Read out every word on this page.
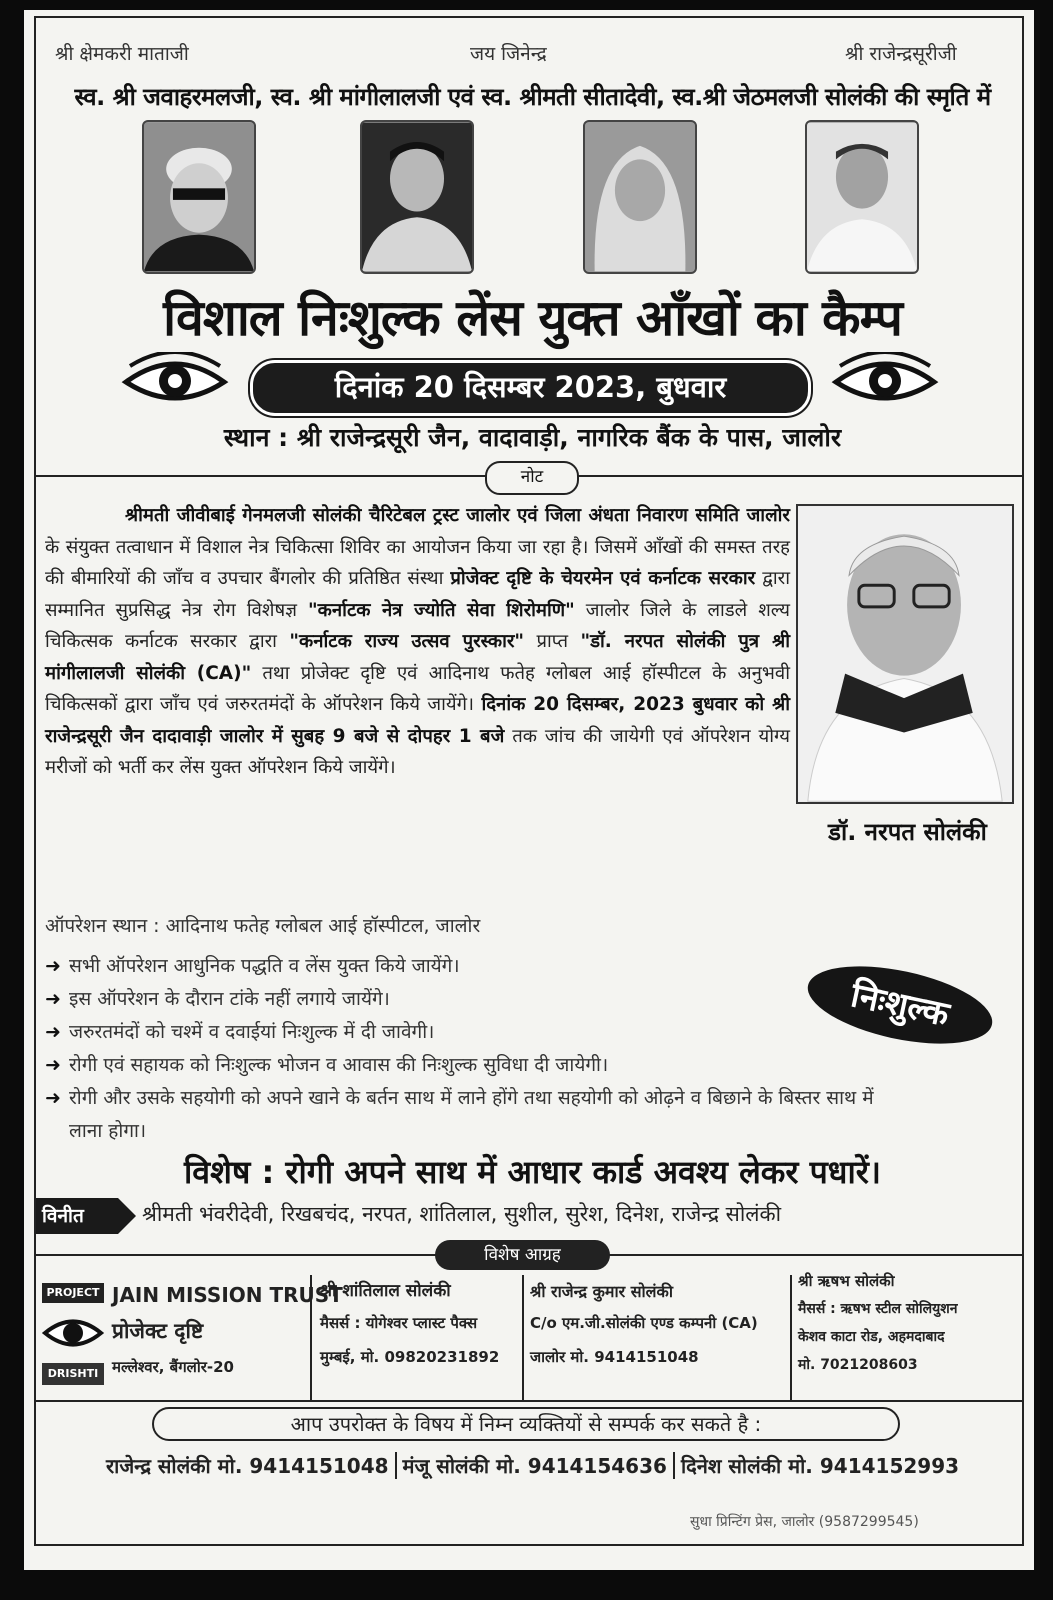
श्री क्षेमकरी माताजी	जय जिनेन्द्र	श्री राजेन्द्रसूरीजी
स्व. श्री जवाहरमलजी, स्व. श्री मांगीलालजी एवं स्व. श्रीमती सीतादेवी, स्व.श्री जेठमलजी सोलंकी की स्मृति में
विशाल निःशुल्क लेंस युक्त आँखों का कैम्प
दिनांक 20 दिसम्बर 2023, बुधवार
स्थान : श्री राजेन्द्रसूरी जैन, वादावाड़ी, नागरिक बैंक के पास, जालोर
नोट

श्रीमती जीवीबाई गेनमलजी सोलंकी चैरिटेबल ट्रस्ट जालोर एवं जिला अंधता निवारण समिति जालोर के संयुक्त तत्वाधान में विशाल नेत्र चिकित्सा शिविर का आयोजन किया जा रहा है। जिसमें आँखों की समस्त तरह की बीमारियों की जाँच व उपचार बैंगलोर की प्रतिष्ठित संस्था प्रोजेक्ट दृष्टि के चेयरमेन एवं कर्नाटक सरकार द्वारा सम्मानित सुप्रसिद्ध नेत्र रोग विशेषज्ञ "कर्नाटक नेत्र ज्योति सेवा शिरोमणि" जालोर जिले के लाडले शल्य चिकित्सक कर्नाटक सरकार द्वारा "कर्नाटक राज्य उत्सव पुरस्कार" प्राप्त "डॉ. नरपत सोलंकी पुत्र श्री मांगीलालजी सोलंकी (CA)" तथा प्रोजेक्ट दृष्टि एवं आदिनाथ फतेह ग्लोबल आई हॉस्पीटल के अनुभवी चिकित्सकों द्वारा जाँच एवं जरुरतमंदों के ऑपरेशन किये जायेंगे। दिनांक 20 दिसम्बर, 2023 बुधवार को श्री राजेन्द्रसूरी जैन दादावाड़ी जालोर में सुबह 9 बजे से दोपहर 1 बजे तक जांच की जायेगी एवं ऑपरेशन योग्य मरीजों को भर्ती कर लेंस युक्त ऑपरेशन किये जायेंगे।

डॉ. नरपत सोलंकी
ऑपरेशन स्थान : आदिनाथ फतेह ग्लोबल आई हॉस्पीटल, जालोर
➜ सभी ऑपरेशन आधुनिक पद्धति व लेंस युक्त किये जायेंगे।
➜ इस ऑपरेशन के दौरान टांके नहीं लगाये जायेंगे।
➜ जरुरतमंदों को चश्में व दवाईयां निःशुल्क में दी जावेगी।
➜ रोगी एवं सहायक को निःशुल्क भोजन व आवास की निःशुल्क सुविधा दी जायेगी।
➜ रोगी और उसके सहयोगी को अपने खाने के बर्तन साथ में लाने होंगे तथा सहयोगी को ओढ़ने व बिछाने के बिस्तर साथ में लाना होगा।
निःशुल्क
विशेष : रोगी अपने साथ में आधार कार्ड अवश्य लेकर पधारें।
विनीत	श्रीमती भंवरीदेवी, रिखबचंद, नरपत, शांतिलाल, सुशील, सुरेश, दिनेश, राजेन्द्र सोलंकी
विशेष आग्रह
PROJECT
DRISHTI
JAIN MISSION TRUST
प्रोजेक्ट दृष्टि
मल्लेश्वर, बैंगलोर-20
श्री शांतिलाल सोलंकी
मैसर्स : योगेश्वर प्लास्ट पैक्स
मुम्बई, मो. 09820231892
श्री राजेन्द्र कुमार सोलंकी
C/o एम.जी.सोलंकी एण्ड कम्पनी (CA)
जालोर मो. 9414151048
श्री ऋषभ सोलंकी
मैसर्स : ऋषभ स्टील सोलियुशन
केशव काटा रोड, अहमदाबाद
मो. 7021208603
आप उपरोक्त के विषय में निम्न व्यक्तियों से सम्पर्क कर सकते है :
राजेन्द्र सोलंकी मो. 9414151048 मंजू सोलंकी मो. 9414154636 दिनेश सोलंकी मो. 9414152993
सुधा प्रिन्टिंग प्रेस, जालोर (9587299545)
